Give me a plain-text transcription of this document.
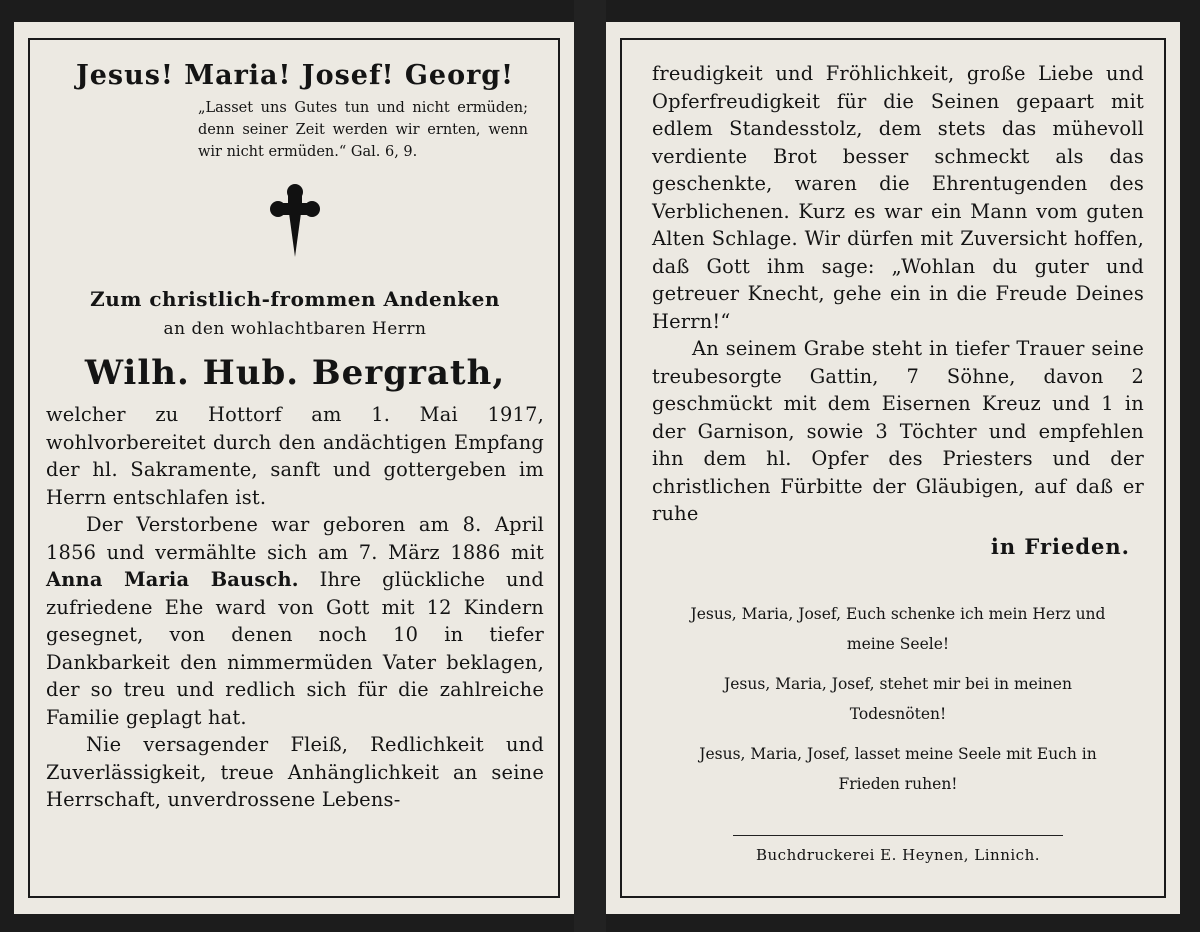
Jesus! Maria! Josef! Georg!
„Lasset uns Gutes tun und nicht ermüden; denn seiner Zeit werden wir ernten, wenn wir nicht ermüden.“ Gal. 6, 9.
Zum christlich-frommen Andenken
an den wohlachtbaren Herrn
Wilh. Hub. Bergrath,

welcher zu Hottorf am 1. Mai 1917, wohlvorbereitet durch den andächtigen Empfang der hl. Sakramente, sanft und gottergeben im Herrn entschlafen ist.

Der Verstorbene war geboren am 8. April 1856 und vermählte sich am 7. März 1886 mit Anna Maria Bausch. Ihre glückliche und zufriedene Ehe ward von Gott mit 12 Kindern gesegnet, von denen noch 10 in tiefer Dankbarkeit den nimmermüden Vater beklagen, der so treu und redlich sich für die zahlreiche Familie geplagt hat.

Nie versagender Fleiß, Redlichkeit und Zuverlässigkeit, treue Anhänglichkeit an seine Herrschaft, unverdrossene Lebens-

freudigkeit und Fröhlichkeit, große Liebe und Opferfreudigkeit für die Seinen gepaart mit edlem Standesstolz, dem stets das mühevoll verdiente Brot besser schmeckt als das geschenkte, waren die Ehrentugenden des Verblichenen. Kurz es war ein Mann vom guten Alten Schlage. Wir dürfen mit Zuversicht hoffen, daß Gott ihm sage: „Wohlan du guter und getreuer Knecht, gehe ein in die Freude Deines Herrn!“

An seinem Grabe steht in tiefer Trauer seine treubesorgte Gattin, 7 Söhne, davon 2 geschmückt mit dem Eisernen Kreuz und 1 in der Garnison, sowie 3 Töchter und empfehlen ihn dem hl. Opfer des Priesters und der christlichen Fürbitte der Gläubigen, auf daß er ruhe

in Frieden.

Jesus, Maria, Josef, Euch schenke ich mein Herz und meine Seele!

Jesus, Maria, Josef, stehet mir bei in meinen Todesnöten!

Jesus, Maria, Josef, lasset meine Seele mit Euch in Frieden ruhen!

Buchdruckerei E. Heynen, Linnich.
